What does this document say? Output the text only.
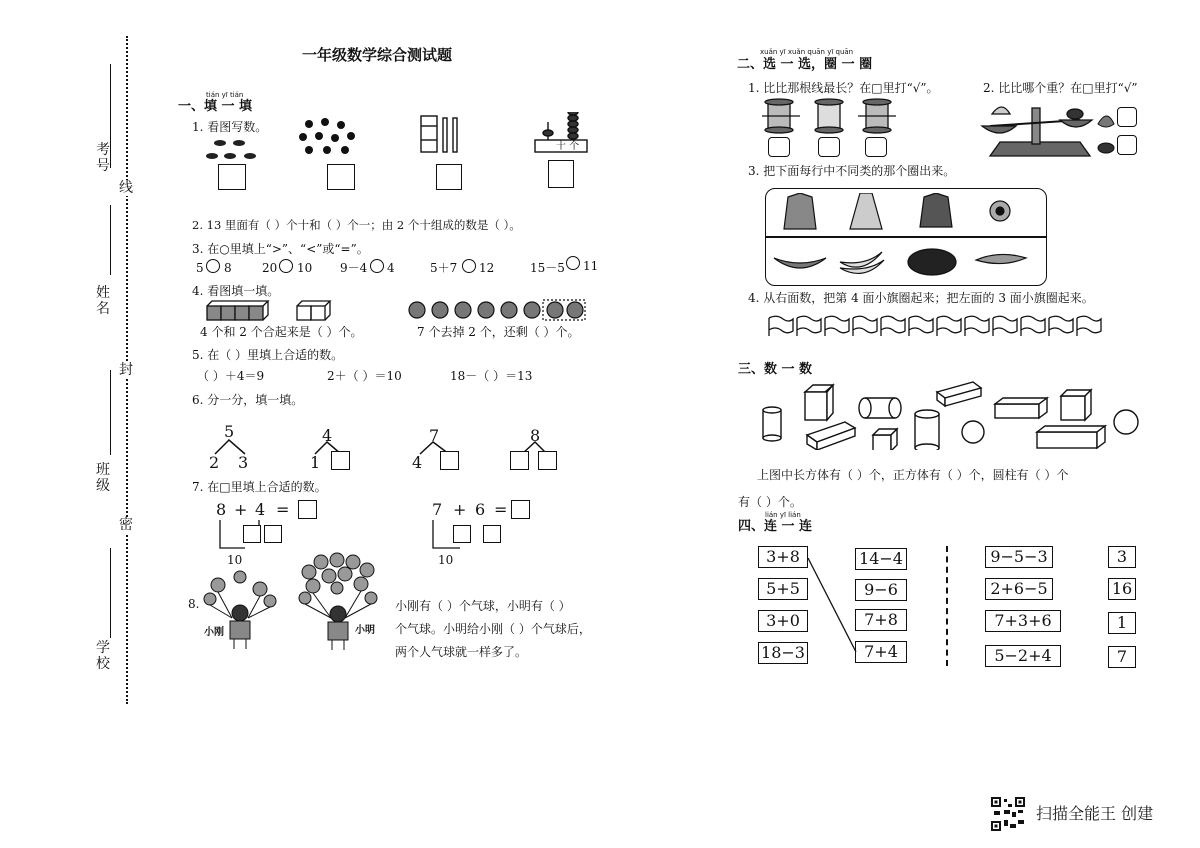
考号
线
姓名
封
班级
密
学校
一年级数学综合测试题
tián yī tián
一、填 一 填
1. 看图写数。
十 个
2. 13 里面有（ ）个十和（ ）个一；由 2 个十组成的数是（ ）。
3. 在○里填上“>”、“<”或“=”。
5 8	20 10 9－4 4	5＋7 12	15－5 11
4. 看图填一填。
4 个和 2 个合起来是（ ）个。	7 个去掉 2 个，还剩（ ）个。
5. 在（ ）里填上合适的数。
（ ）＋4＝9	2＋（ ）＝10	18－（ ）＝13
6. 分一分，填一填。
5
2 3
4
1
7
4
8
7. 在□里填上合适的数。
8 + 4 =
10
7 + 6 =
10
8.
小刚	小明
小刚有（ ）个气球，小明有（ ）
个气球。小明给小刚（ ）个气球后，
两个人气球就一样多了。
xuǎn yī xuǎn quān yī quān
二、选 一 选，圈 一 圈
1. 比比那根线最长？在□里打“√”。	2. 比比哪个重？在□里打“√”
3. 把下面每行中不同类的那个圈出来。
4. 从右面数，把第 4 面小旗圈起来；把左面的 3 面小旗圈起来。
三、数 一 数
上图中长方体有（ ）个，正方体有（ ）个，圆柱有（ ）个
有（ ）个。
lián yī lián
四、连 一 连
3+8
5+5
3+0
18−3
14−4
9−6
7+8
7+4
9−5−3
2+6−5
7+3+6
5−2+4
3
16
1
7
扫描全能王 创建
